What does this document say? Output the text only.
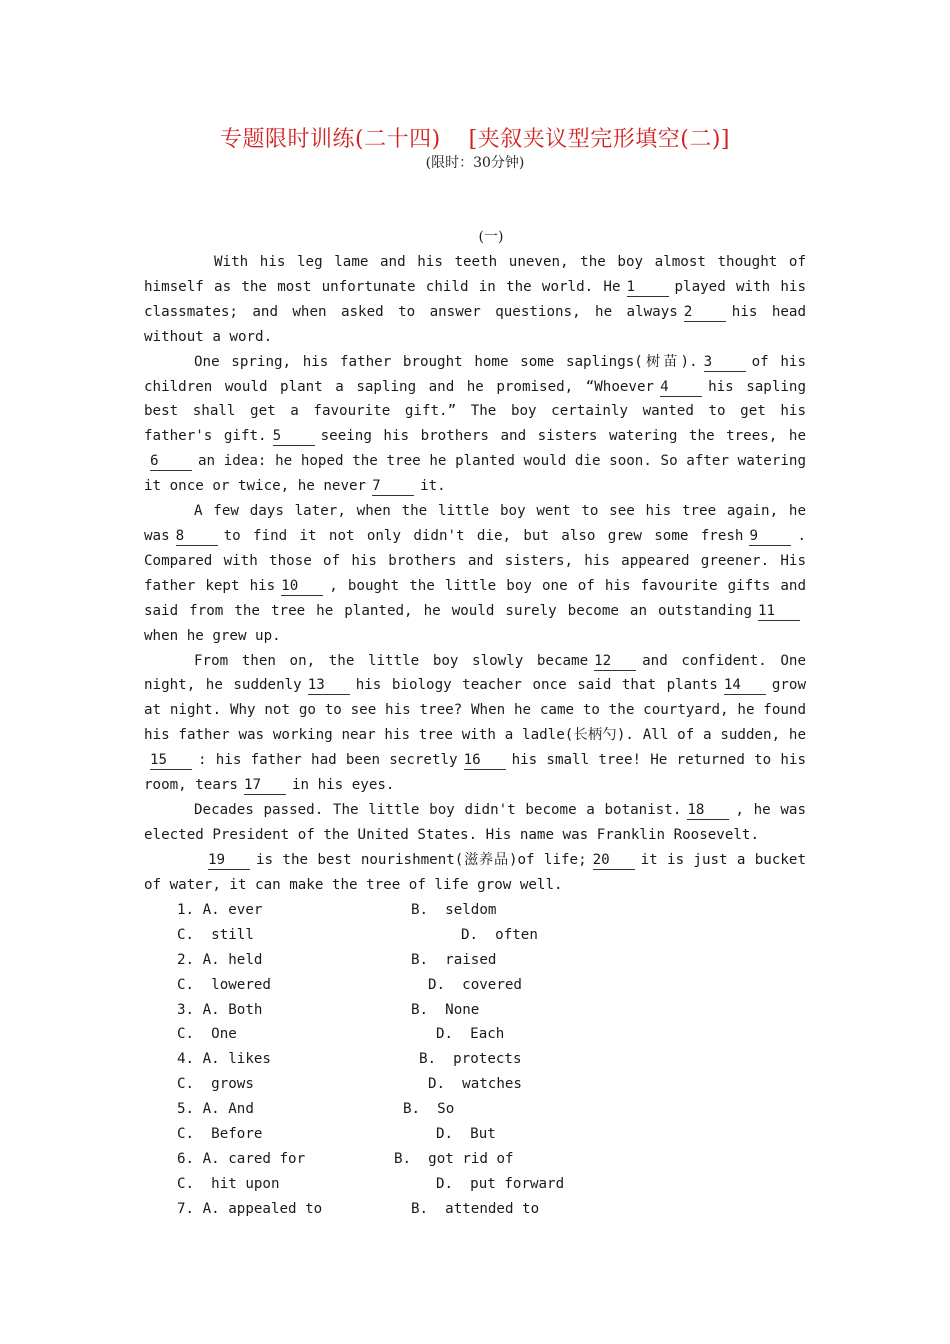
专题限时训练(二十四) [夹叙夹议型完形填空(二)]
(限时：30分钟)
(一)

With his leg lame and his teeth uneven, the boy almost thought of himself as the most unfortunate child in the world. He 1	played with his classmates; and when asked to answer questions, he always 2	his head without a word.

One spring, his father brought home some saplings(树苗). 3	of his children would plant a sapling and he promised, “Whoever 4	his sapling best shall get a favourite gift.” The boy certainly wanted to get his father's gift. 5	seeing his brothers and sisters watering the trees, he6	an idea: he hoped the tree he planted would die soon. So after watering it once or twice, he never 7	it.

A few days later, when the little boy went to see his tree again, he was 8	to find it not only didn't die, but also grew some fresh 9	. Compared with those of his brothers and sisters, his appeared greener. His father kept his 10 , bought the little boy one of his favourite gifts and said from the tree he planted, he would surely become an outstanding 11when he grew up.

From then on, the little boy slowly became 12 and confident. One night, he suddenly 13 his biology teacher once said that plants 14 grow at night. Why not go to see his tree? When he came to the courtyard, he found his father was working near his tree with a ladle(长柄勺). All of a sudden, he15 : his father had been secretly 16 his small tree! He returned to his room, tears 17 in his eyes.

Decades passed. The little boy didn't become a botanist. 18 , he was elected President of the United States. His name was Franklin Roosevelt.

19 is the best nourishment(滋养品)of life; 20 it is just a bucket of water, it can make the tree of life grow well.

1. A. ever	B.  seldom
C.  still	D.  often
2. A. held	B.  raised
C.  lowered	D.  covered
3. A. Both	B.  None
C.  One	D.  Each
4. A. likes	B.  protects
C.  grows	D.  watches
5. A. And	B.  So
C.  Before	D.  But
6. A. cared for	B.  got rid of
C.  hit upon	D.  put forward
7. A. appealed to	B.  attended to
